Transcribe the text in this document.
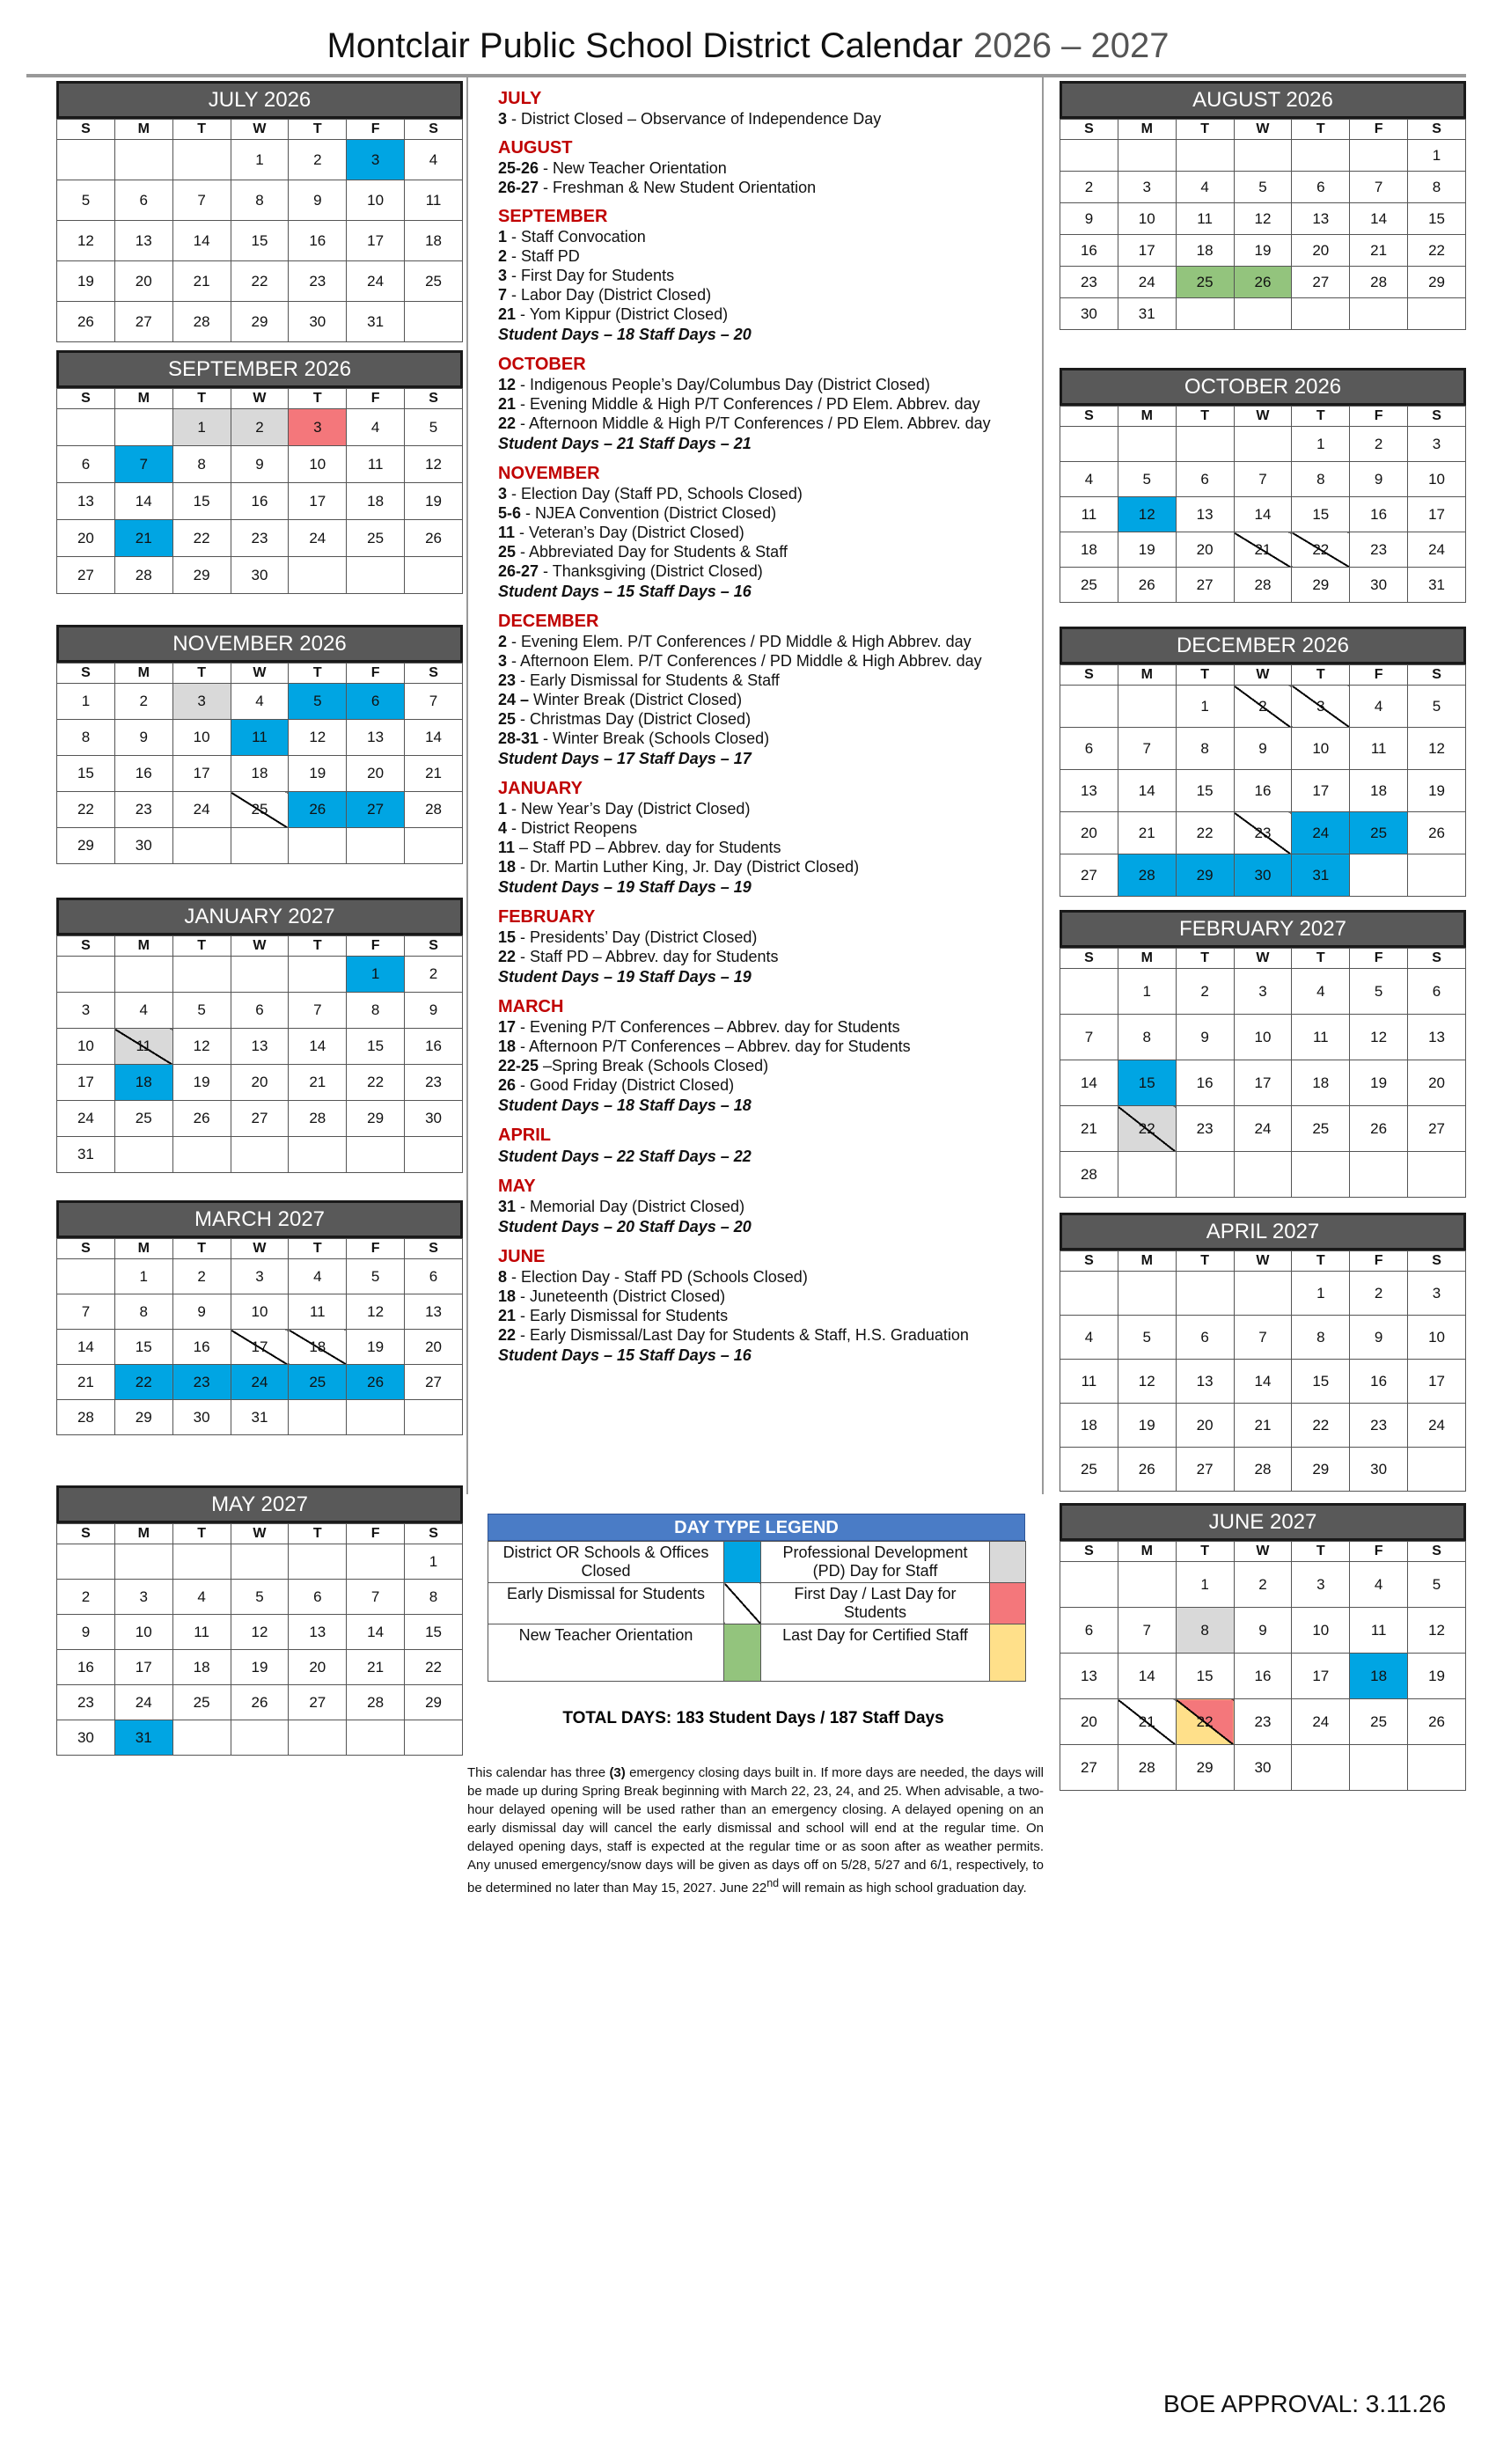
Montclair Public School District Calendar 2026 – 2027
JULY 2026
S	M	T	W	T	F	S
			1	2	3	4
5	6	7	8	9	10	11
12	13	14	15	16	17	18
19	20	21	22	23	24	25
26	27	28	29	30	31	
SEPTEMBER 2026
S	M	T	W	T	F	S
		1	2	3	4	5
6	7	8	9	10	11	12
13	14	15	16	17	18	19
20	21	22	23	24	25	26
27	28	29	30			
NOVEMBER 2026
S	M	T	W	T	F	S
1	2	3	4	5	6	7
8	9	10	11	12	13	14
15	16	17	18	19	20	21
22	23	24	25	26	27	28
29	30					
JANUARY 2027
S	M	T	W	T	F	S
					1	2
3	4	5	6	7	8	9
10	11	12	13	14	15	16
17	18	19	20	21	22	23
24	25	26	27	28	29	30
31						
MARCH 2027
S	M	T	W	T	F	S
	1	2	3	4	5	6
7	8	9	10	11	12	13
14	15	16	17	18	19	20
21	22	23	24	25	26	27
28	29	30	31			
MAY 2027
S	M	T	W	T	F	S
						1
2	3	4	5	6	7	8
9	10	11	12	13	14	15
16	17	18	19	20	21	22
23	24	25	26	27	28	29
30	31					
AUGUST 2026
S	M	T	W	T	F	S
						1
2	3	4	5	6	7	8
9	10	11	12	13	14	15
16	17	18	19	20	21	22
23	24	25	26	27	28	29
30	31					
OCTOBER 2026
S	M	T	W	T	F	S
				1	2	3
4	5	6	7	8	9	10
11	12	13	14	15	16	17
18	19	20	21	22	23	24
25	26	27	28	29	30	31
DECEMBER 2026
S	M	T	W	T	F	S
		1	2	3	4	5
6	7	8	9	10	11	12
13	14	15	16	17	18	19
20	21	22	23	24	25	26
27	28	29	30	31		
FEBRUARY 2027
S	M	T	W	T	F	S
	1	2	3	4	5	6
7	8	9	10	11	12	13
14	15	16	17	18	19	20
21	22	23	24	25	26	27
28						
APRIL 2027
S	M	T	W	T	F	S
				1	2	3
4	5	6	7	8	9	10
11	12	13	14	15	16	17
18	19	20	21	22	23	24
25	26	27	28	29	30	
JUNE 2027
S	M	T	W	T	F	S
		1	2	3	4	5
6	7	8	9	10	11	12
13	14	15	16	17	18	19
20	21	22	23	24	25	26
27	28	29	30			
JULY
3 - District Closed – Observance of Independence Day
AUGUST
25-26 - New Teacher Orientation
26-27 - Freshman & New Student Orientation
SEPTEMBER
1 - Staff Convocation
2 - Staff PD
3 - First Day for Students
7 - Labor Day (District Closed)
21 - Yom Kippur (District Closed)
Student Days – 18 Staff Days – 20
OCTOBER
12 - Indigenous People’s Day/Columbus Day (District Closed)
21 - Evening Middle & High P/T Conferences / PD Elem. Abbrev. day
22 - Afternoon Middle & High P/T Conferences / PD Elem. Abbrev. day
Student Days – 21 Staff Days – 21
NOVEMBER
3 - Election Day (Staff PD, Schools Closed)
5-6 - NJEA Convention (District Closed)
11 - Veteran’s Day (District Closed)
25 - Abbreviated Day for Students & Staff
26-27 - Thanksgiving (District Closed)
Student Days – 15 Staff Days – 16
DECEMBER
2 - Evening Elem. P/T Conferences / PD Middle & High Abbrev. day
3 - Afternoon Elem. P/T Conferences / PD Middle & High Abbrev. day
23 - Early Dismissal for Students & Staff
24 – Winter Break (District Closed)
25 - Christmas Day (District Closed)
28-31 - Winter Break (Schools Closed)
Student Days – 17 Staff Days – 17
JANUARY
1 - New Year’s Day (District Closed)
4 - District Reopens
11 – Staff PD – Abbrev. day for Students
18 - Dr. Martin Luther King, Jr. Day (District Closed)
Student Days – 19 Staff Days – 19
FEBRUARY
15 - Presidents’ Day (District Closed)
22 - Staff PD – Abbrev. day for Students
Student Days – 19 Staff Days – 19
MARCH
17 - Evening P/T Conferences – Abbrev. day for Students
18 - Afternoon P/T Conferences – Abbrev. day for Students
22-25 –Spring Break (Schools Closed)
26 - Good Friday (District Closed)
Student Days – 18 Staff Days – 18
APRIL
Student Days – 22 Staff Days – 22
MAY
31 - Memorial Day (District Closed)
Student Days – 20 Staff Days – 20
JUNE
8 - Election Day - Staff PD (Schools Closed)
18 - Juneteenth (District Closed)
21 - Early Dismissal for Students
22 - Early Dismissal/Last Day for Students & Staff, H.S. Graduation
Student Days – 15 Staff Days – 16
DAY TYPE LEGEND
District OR Schools & Offices Closed		Professional Development (PD) Day for Staff	
Early Dismissal for Students		First Day / Last Day for Students	
New Teacher Orientation		Last Day for Certified Staff	
TOTAL DAYS: 183 Student Days / 187 Staff Days
This calendar has three (3) emergency closing days built in. If more days are needed, the days will be made up during Spring Break beginning with March 22, 23, 24, and 25. When advisable, a two-hour delayed opening will be used rather than an emergency closing. A delayed opening on an early dismissal day will cancel the early dismissal and school will end at the regular time. On delayed opening days, staff is expected at the regular time or as soon after as weather permits. Any unused emergency/snow days will be given as days off on 5/28, 5/27 and 6/1, respectively, to be determined no later than May 15, 2027. June 22nd will remain as high school graduation day.
BOE APPROVAL: 3.11.26
